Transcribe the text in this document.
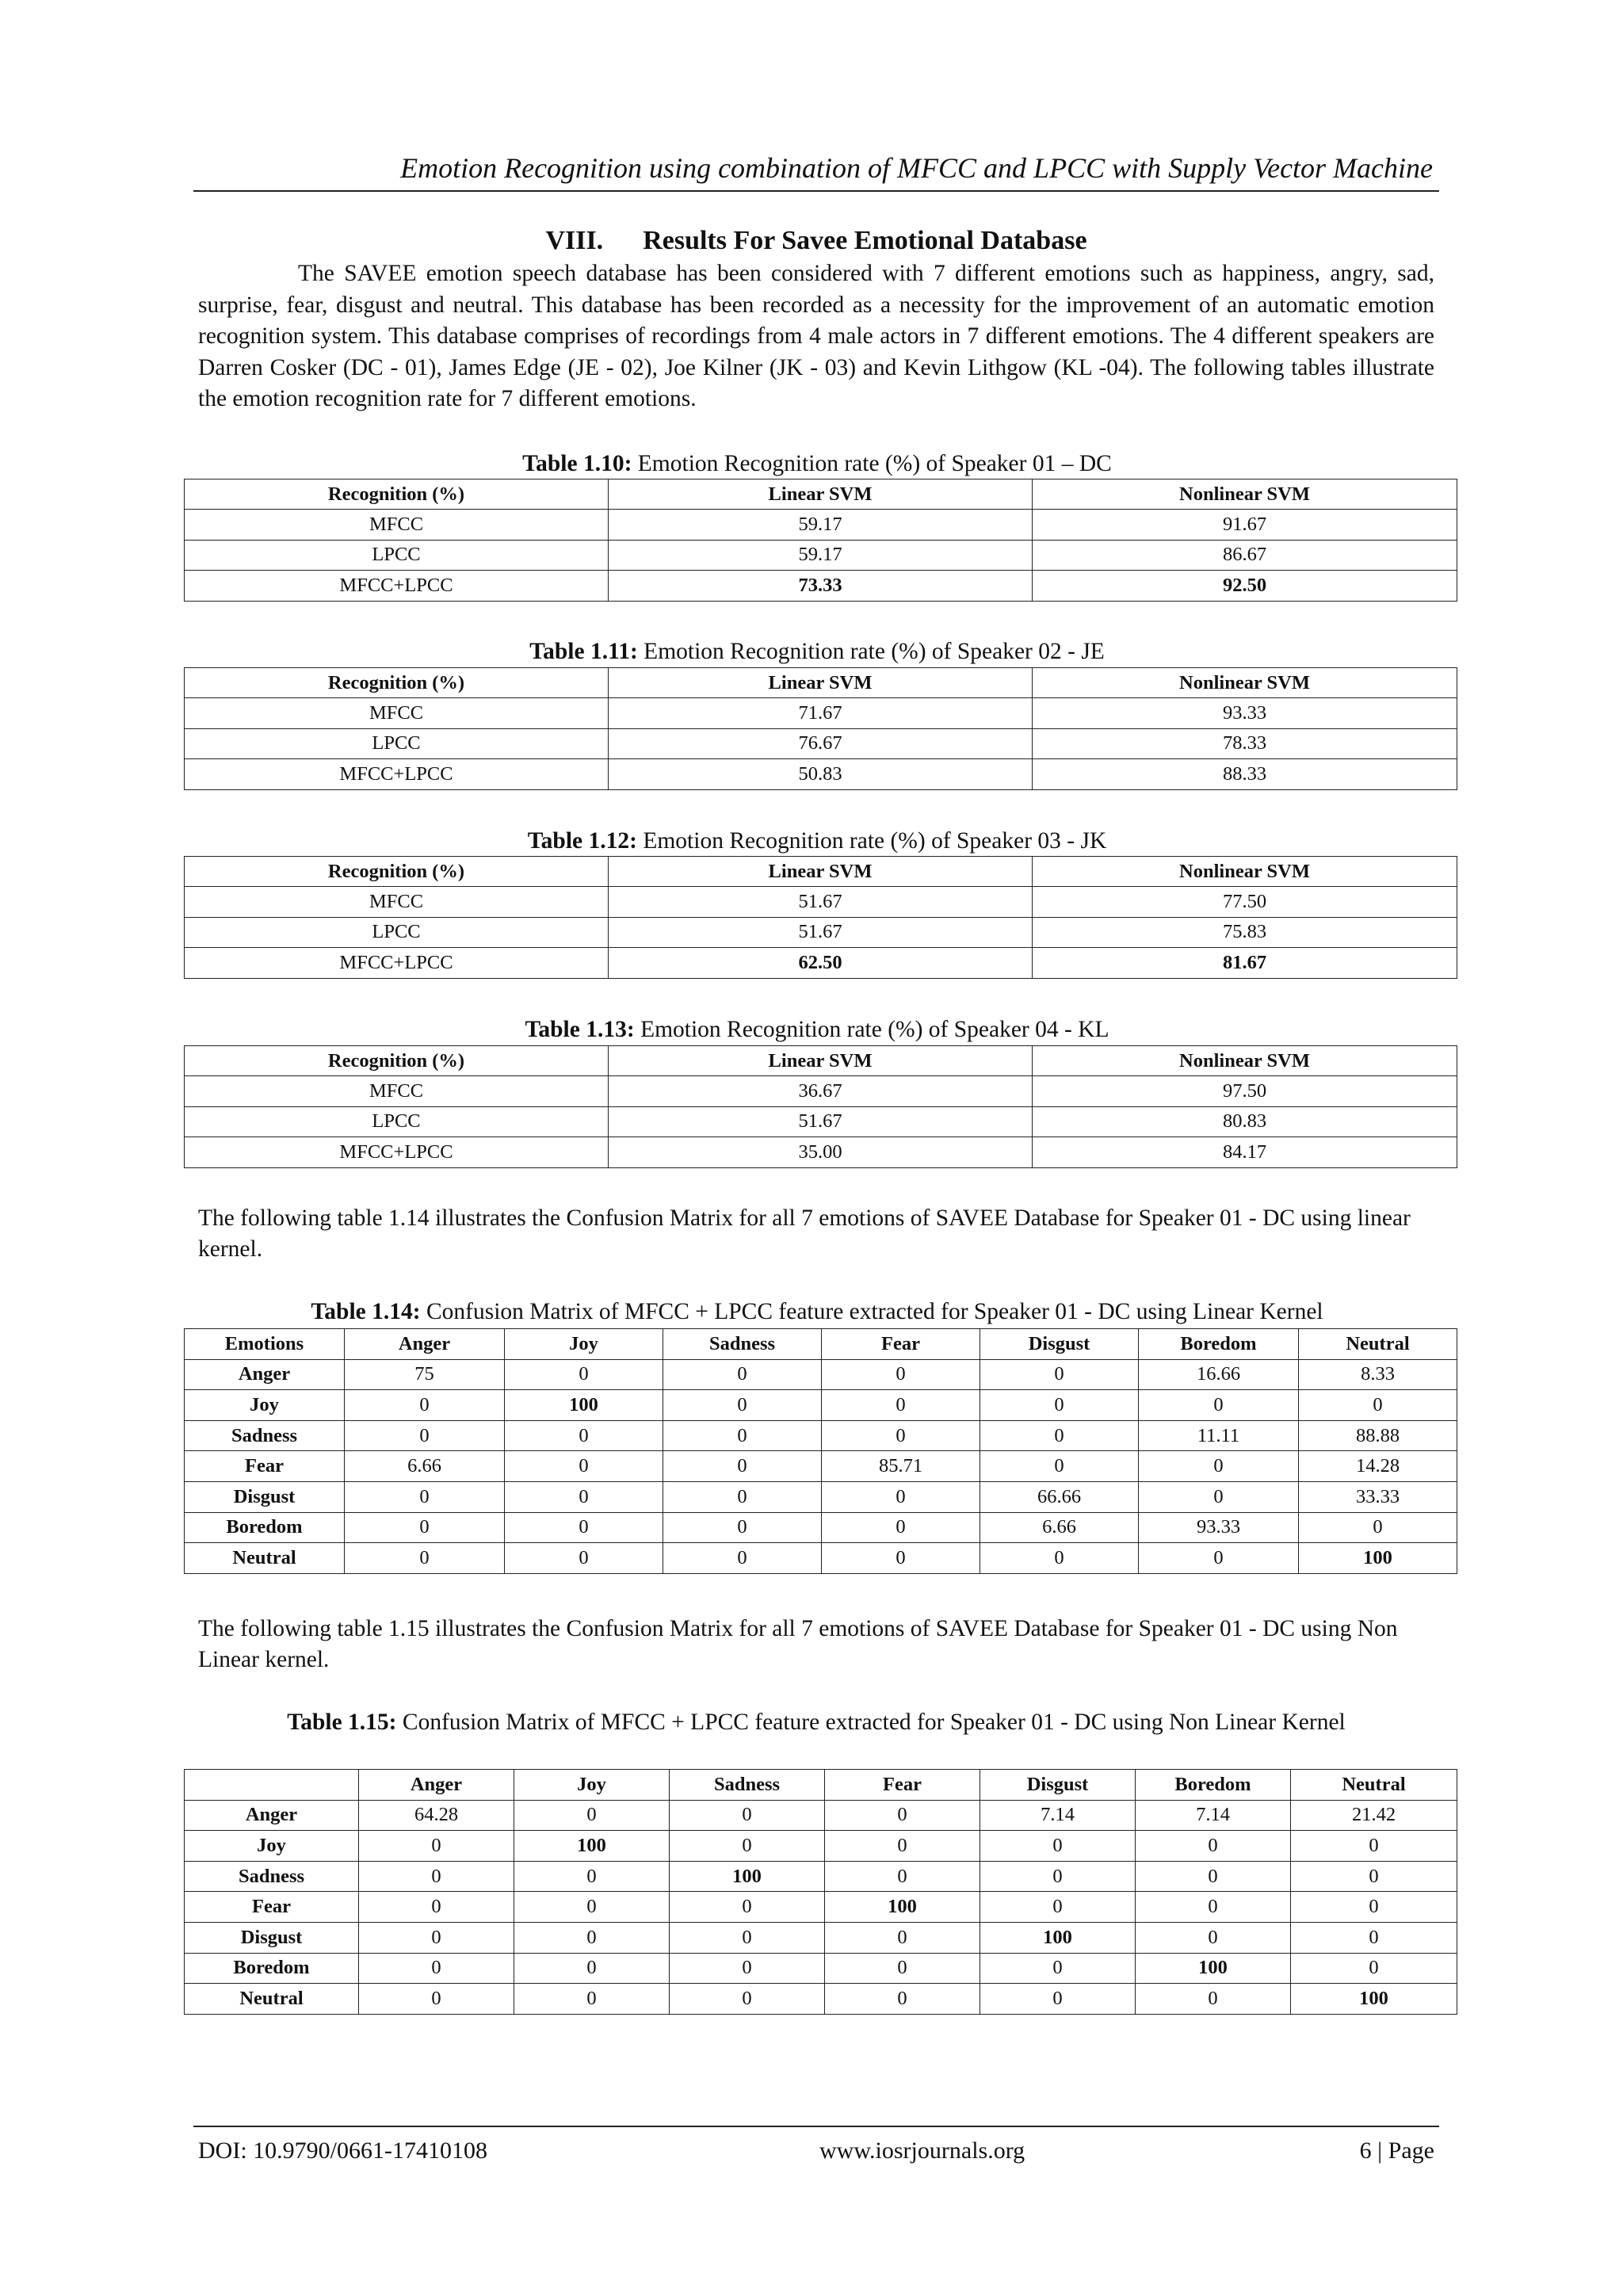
Emotion Recognition using combination of MFCC and LPCC with Supply Vector Machine
VIII. Results For Savee Emotional Database

The SAVEE emotion speech database has been considered with 7 different emotions such as happiness, angry, sad, surprise, fear, disgust and neutral. This database has been recorded as a necessity for the improvement of an automatic emotion recognition system. This database comprises of recordings from 4 male actors in 7 different emotions. The 4 different speakers are Darren Cosker (DC - 01), James Edge (JE - 02), Joe Kilner (JK - 03) and Kevin Lithgow (KL -04). The following tables illustrate the emotion recognition rate for 7 different emotions.

Table 1.10: Emotion Recognition rate (%) of Speaker 01 – DC
Recognition (%)	Linear SVM	Nonlinear SVM
MFCC	59.17	91.67
LPCC	59.17	86.67
MFCC+LPCC	73.33	92.50
Table 1.11: Emotion Recognition rate (%) of Speaker 02 - JE
Recognition (%)	Linear SVM	Nonlinear SVM
MFCC	71.67	93.33
LPCC	76.67	78.33
MFCC+LPCC	50.83	88.33
Table 1.12: Emotion Recognition rate (%) of Speaker 03 - JK
Recognition (%)	Linear SVM	Nonlinear SVM
MFCC	51.67	77.50
LPCC	51.67	75.83
MFCC+LPCC	62.50	81.67
Table 1.13: Emotion Recognition rate (%) of Speaker 04 - KL
Recognition (%)	Linear SVM	Nonlinear SVM
MFCC	36.67	97.50
LPCC	51.67	80.83
MFCC+LPCC	35.00	84.17

The following table 1.14 illustrates the Confusion Matrix for all 7 emotions of SAVEE Database for Speaker 01 - DC using linear kernel.

Table 1.14: Confusion Matrix of MFCC + LPCC feature extracted for Speaker 01 - DC using Linear Kernel
Emotions	Anger	Joy	Sadness	Fear	Disgust	Boredom	Neutral
Anger	75	0	0	0	0	16.66	8.33
Joy	0	100	0	0	0	0	0
Sadness	0	0	0	0	0	11.11	88.88
Fear	6.66	0	0	85.71	0	0	14.28
Disgust	0	0	0	0	66.66	0	33.33
Boredom	0	0	0	0	6.66	93.33	0
Neutral	0	0	0	0	0	0	100

The following table 1.15 illustrates the Confusion Matrix for all 7 emotions of SAVEE Database for Speaker 01 - DC using Non Linear kernel.

Table 1.15: Confusion Matrix of MFCC + LPCC feature extracted for Speaker 01 - DC using Non Linear Kernel
	Anger	Joy	Sadness	Fear	Disgust	Boredom	Neutral
Anger	64.28	0	0	0	7.14	7.14	21.42
Joy	0	100	0	0	0	0	0
Sadness	0	0	100	0	0	0	0
Fear	0	0	0	100	0	0	0
Disgust	0	0	0	0	100	0	0
Boredom	0	0	0	0	0	100	0
Neutral	0	0	0	0	0	0	100
DOI: 10.9790/0661-17410108	www.iosrjournals.org	6 | Page
